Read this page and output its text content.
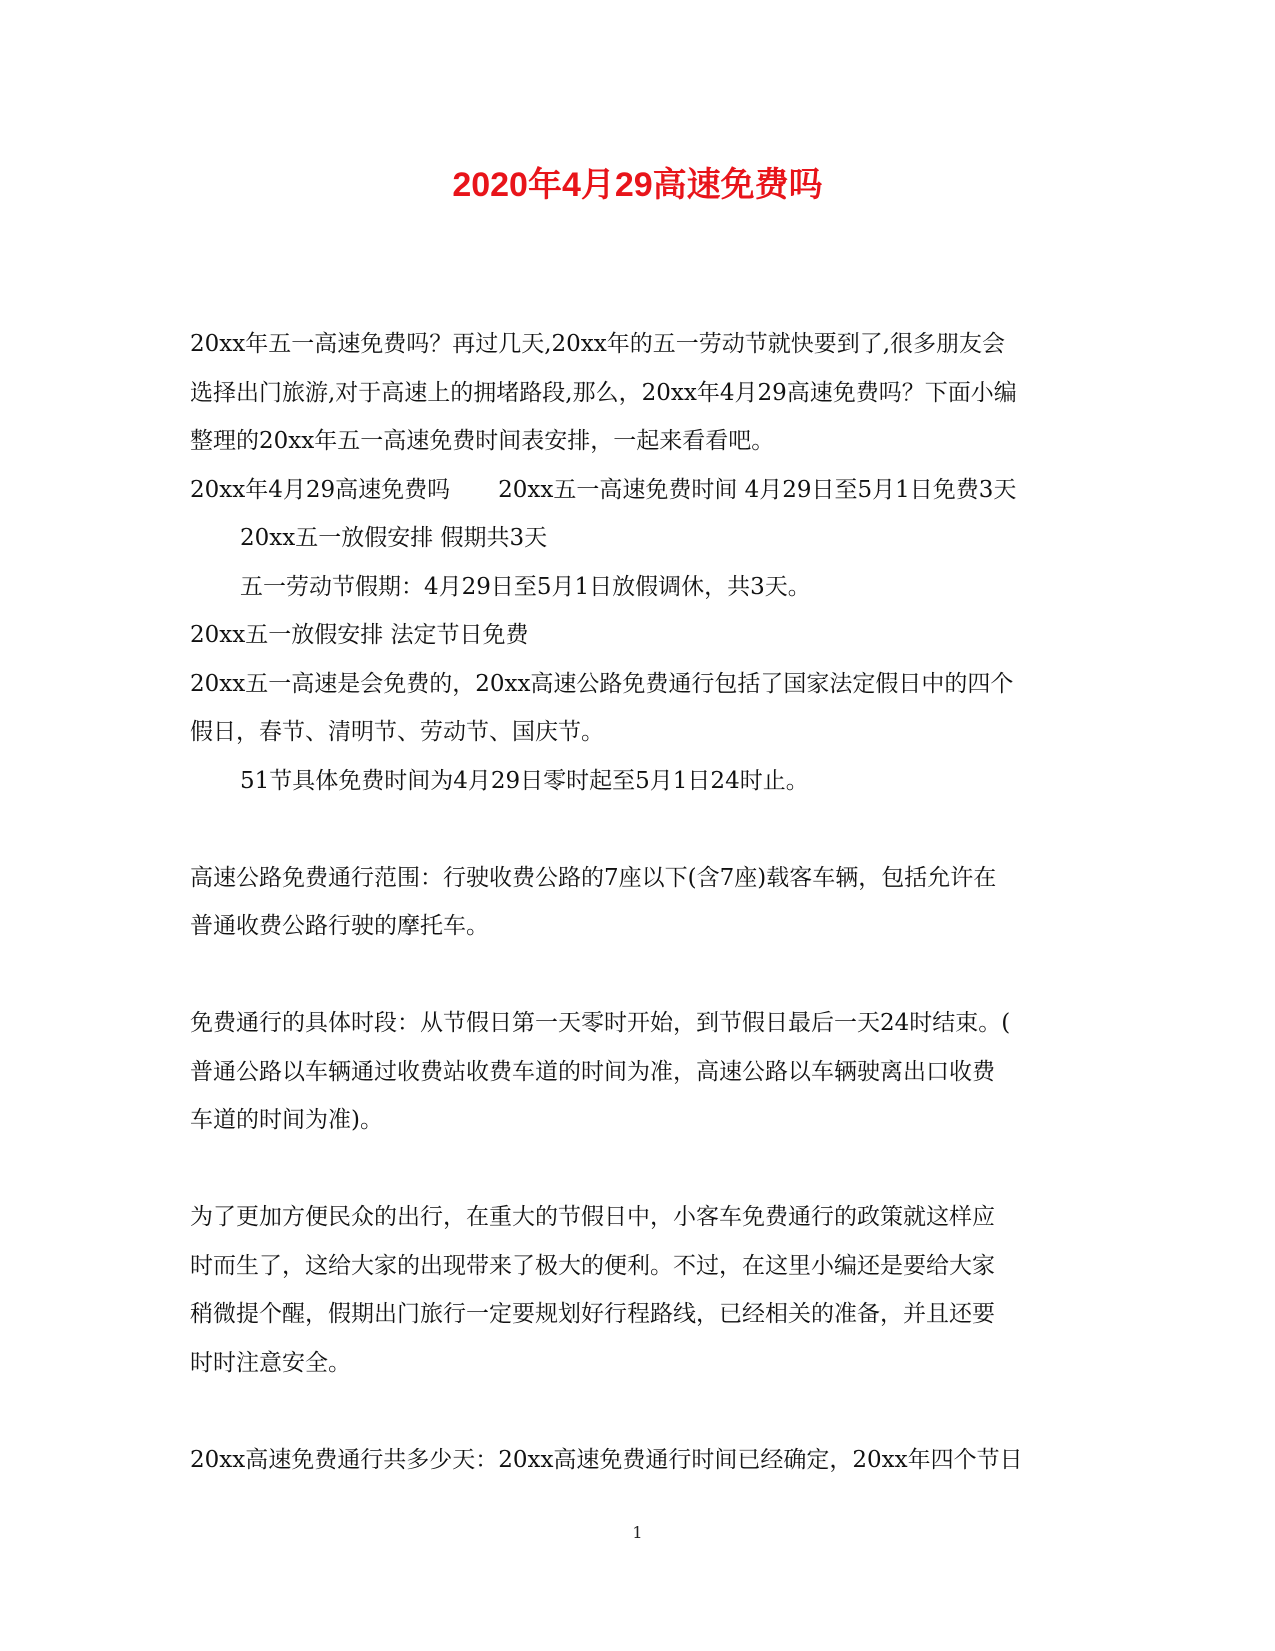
2020年4月29高速免费吗

20xx年五一高速免费吗？再过几天,20xx年的五一劳动节就快要到了,很多朋友会

选择出门旅游,对于高速上的拥堵路段,那么，20xx年4月29高速免费吗？下面小编

整理的20xx年五一高速免费时间表安排，一起来看看吧。

20xx年4月29高速免费吗 20xx五一高速免费时间 4月29日至5月1日免费3天

20xx五一放假安排 假期共3天

五一劳动节假期：4月29日至5月1日放假调休，共3天。

20xx五一放假安排 法定节日免费

20xx五一高速是会免费的，20xx高速公路免费通行包括了国家法定假日中的四个

假日，春节、清明节、劳动节、国庆节。

51节具体免费时间为4月29日零时起至5月1日24时止。

高速公路免费通行范围：行驶收费公路的7座以下(含7座)载客车辆，包括允许在

普通收费公路行驶的摩托车。

免费通行的具体时段：从节假日第一天零时开始，到节假日最后一天24时结束。(

普通公路以车辆通过收费站收费车道的时间为准，高速公路以车辆驶离出口收费

车道的时间为准)。

为了更加方便民众的出行，在重大的节假日中，小客车免费通行的政策就这样应

时而生了，这给大家的出现带来了极大的便利。不过，在这里小编还是要给大家

稍微提个醒，假期出门旅行一定要规划好行程路线，已经相关的准备，并且还要

时时注意安全。

20xx高速免费通行共多少天：20xx高速免费通行时间已经确定，20xx年四个节日

1
